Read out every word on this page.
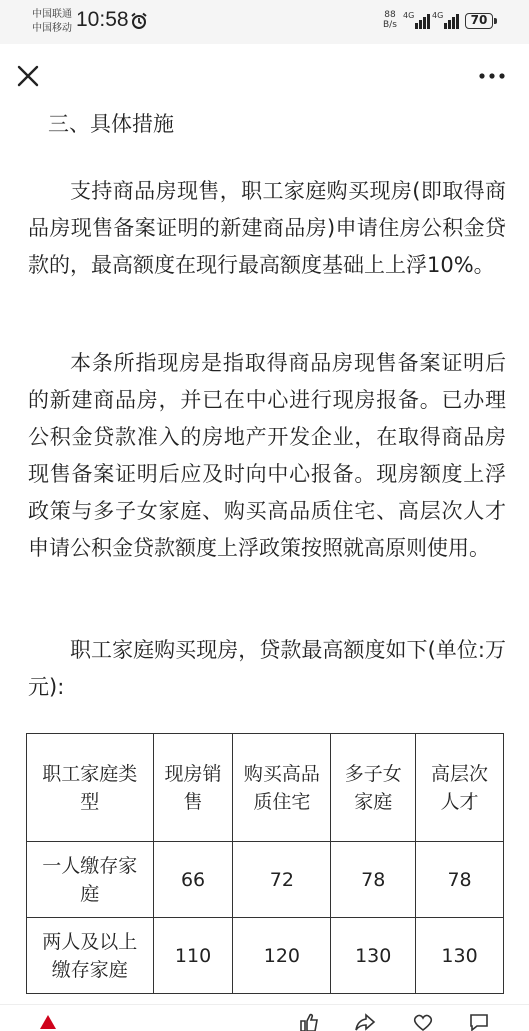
中国联通
中国移动 10:58	88
B/s
4G 4G	70
三、具体措施

支持商品房现售，职工家庭购买现房(即取得商品房现售备案证明的新建商品房)申请住房公积金贷款的，最高额度在现行最高额度基础上上浮10%。

本条所指现房是指取得商品房现售备案证明后的新建商品房，并已在中心进行现房报备。已办理公积金贷款准入的房地产开发企业，在取得商品房现售备案证明后应及时向中心报备。现房额度上浮政策与多子女家庭、购买高品质住宅、高层次人才申请公积金贷款额度上浮政策按照就高原则使用。

职工家庭购买现房，贷款最高额度如下(单位:万元):

职工家庭类型	现房销售	购买高品质住宅	多子女家庭	高层次人才
一人缴存家庭	66	72	78	78
两人及以上缴存家庭	110	120	130	130
